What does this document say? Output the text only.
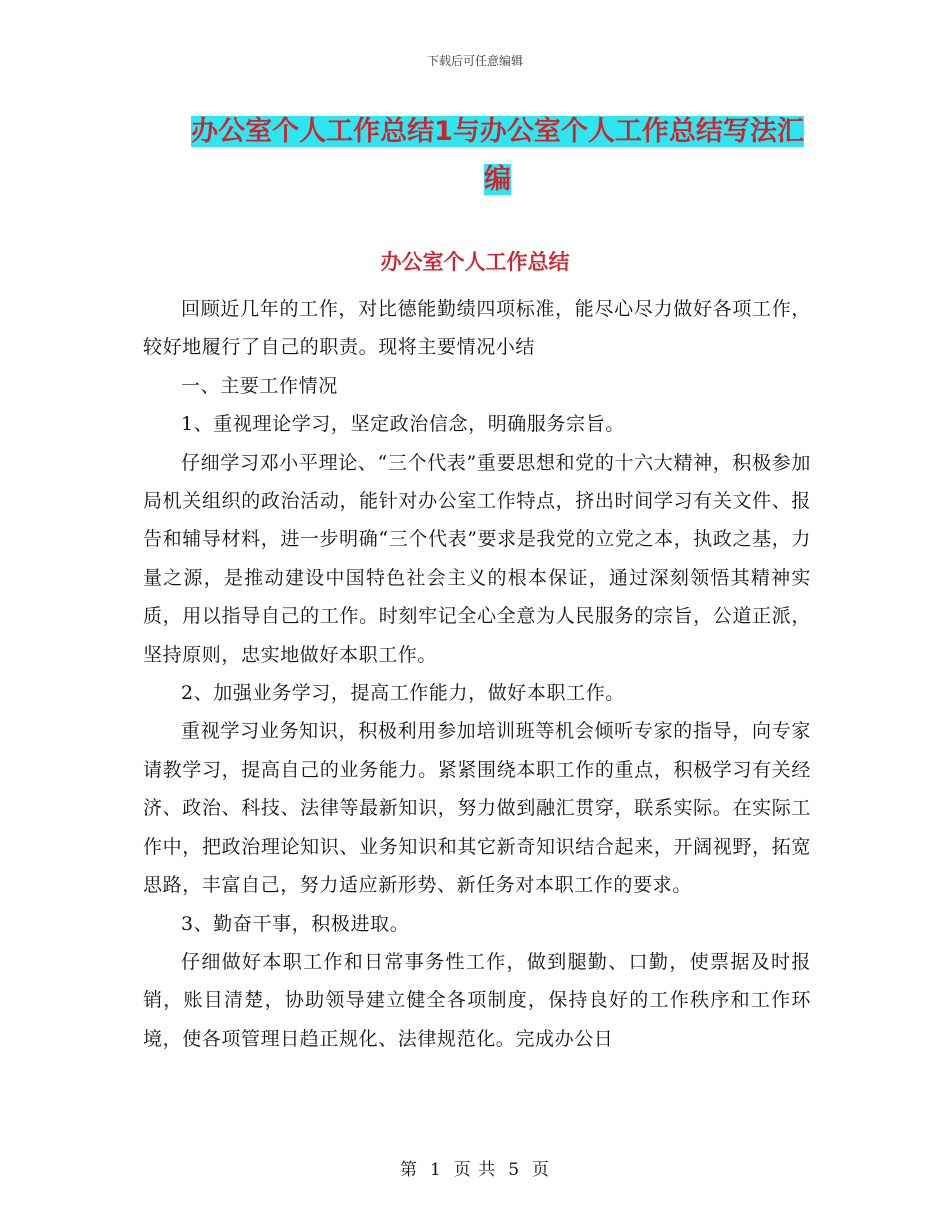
下载后可任意编辑
办公室个人工作总结1与办公室个人工作总结写法汇编
办公室个人工作总结

回顾近几年的工作，对比德能勤绩四项标准，能尽心尽力做好各项工作，较好地履行了自己的职责。现将主要情况小结

一、主要工作情况

1、重视理论学习，坚定政治信念，明确服务宗旨。

仔细学习邓小平理论、“三个代表”重要思想和党的十六大精神，积极参加局机关组织的政治活动，能针对办公室工作特点，挤出时间学习有关文件、报告和辅导材料，进一步明确“三个代表”要求是我党的立党之本，执政之基，力量之源，是推动建设中国特色社会主义的根本保证，通过深刻领悟其精神实质，用以指导自己的工作。时刻牢记全心全意为人民服务的宗旨，公道正派，坚持原则，忠实地做好本职工作。

2、加强业务学习，提高工作能力，做好本职工作。

重视学习业务知识，积极利用参加培训班等机会倾听专家的指导，向专家请教学习，提高自己的业务能力。紧紧围绕本职工作的重点，积极学习有关经济、政治、科技、法律等最新知识，努力做到融汇贯穿，联系实际。在实际工作中，把政治理论知识、业务知识和其它新奇知识结合起来，开阔视野，拓宽思路，丰富自己，努力适应新形势、新任务对本职工作的要求。

3、勤奋干事，积极进取。

仔细做好本职工作和日常事务性工作，做到腿勤、口勤，使票据及时报销，账目清楚，协助领导建立健全各项制度，保持良好的工作秩序和工作环境，使各项管理日趋正规化、法律规范化。完成办公日

第 1 页 共 5 页
